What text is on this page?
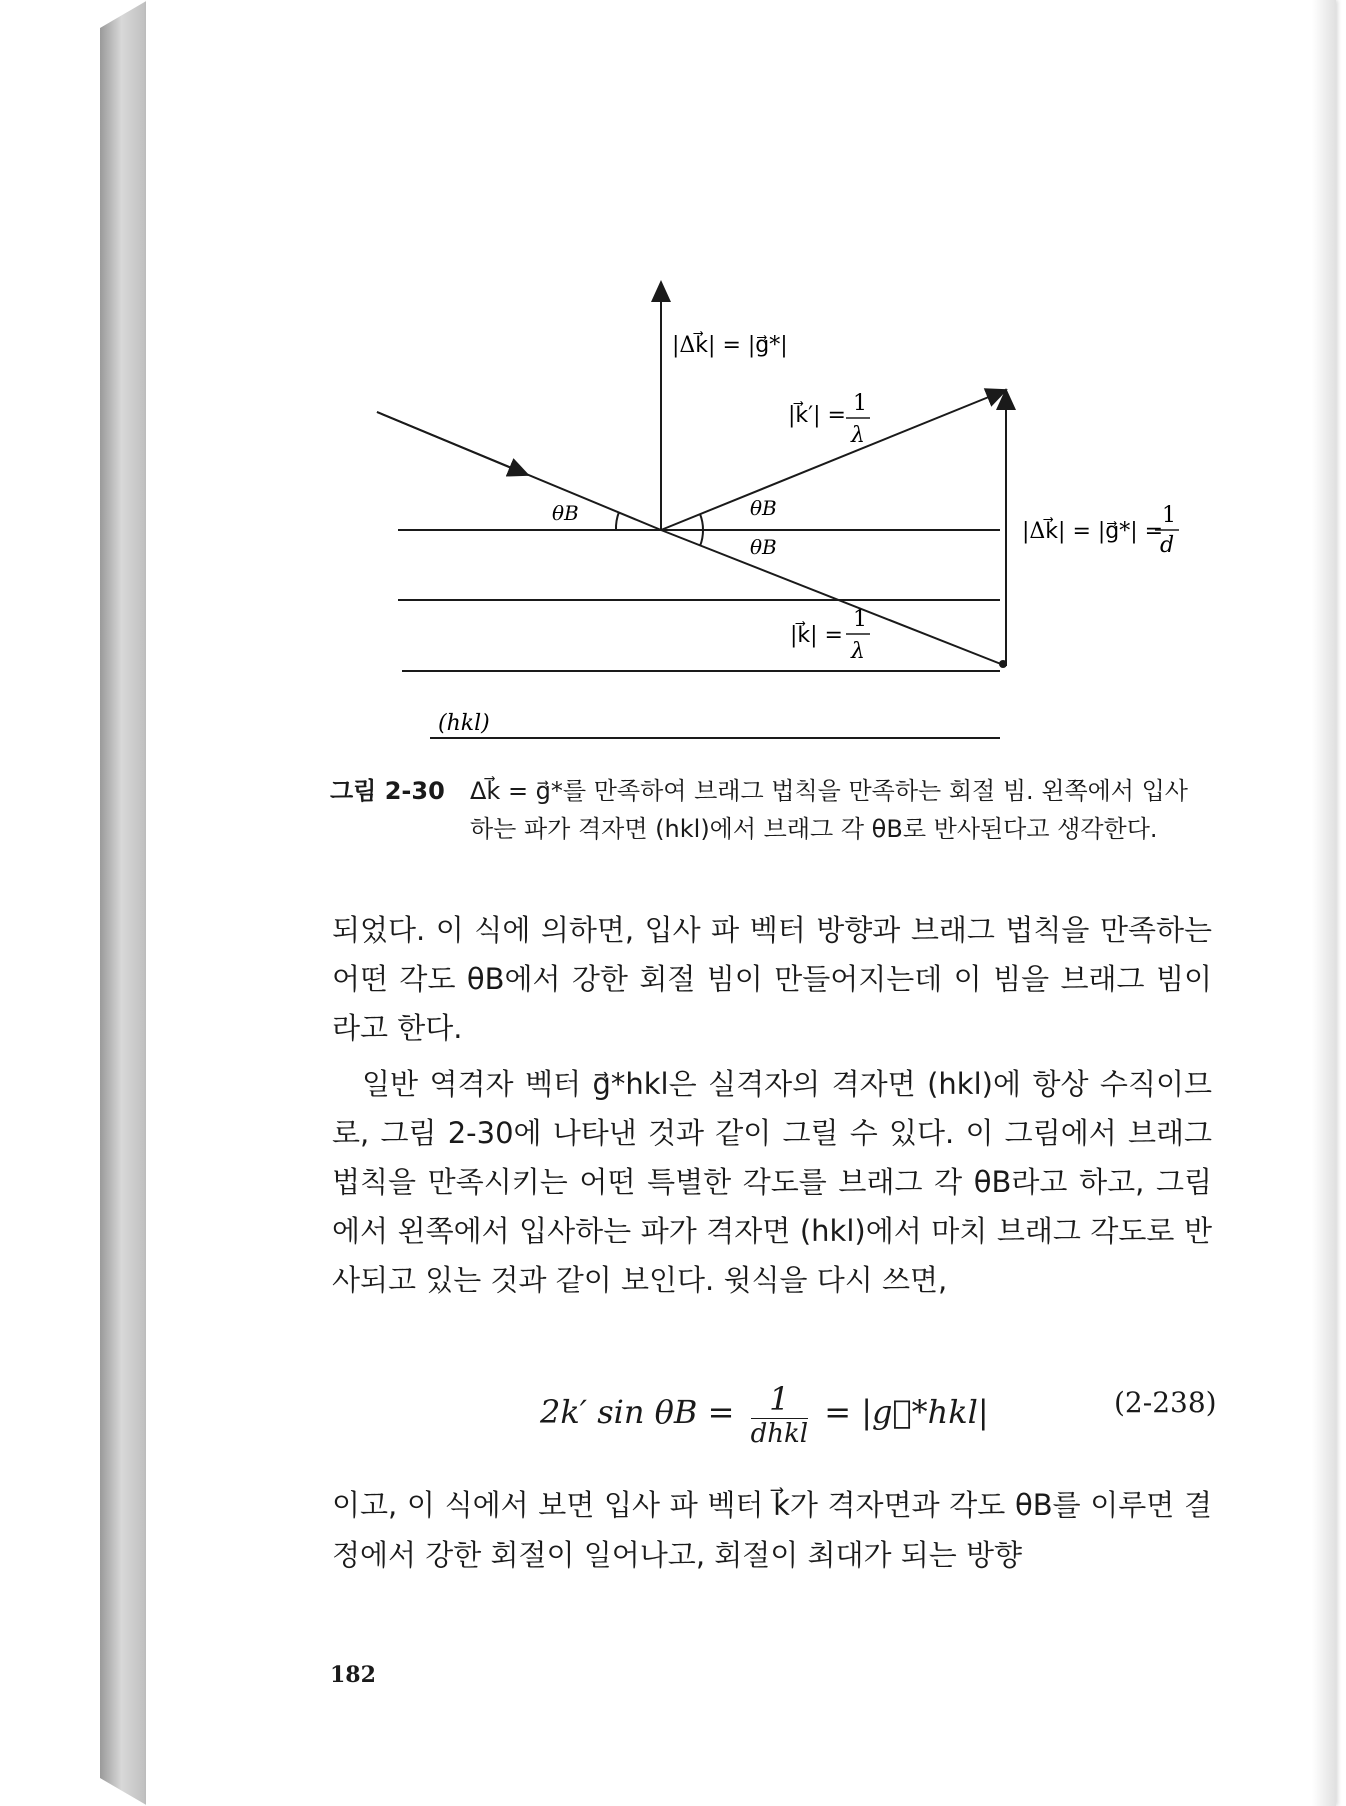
|Δk⃗| = |g⃗*|
|k⃗′| = 1
λ
θB	θB
θB
|Δk⃗| = |g⃗*| =
1
d
|k⃗| =
1
λ
(hkl)
그림 2-30 Δk⃗ = g⃗*를 만족하여 브래그 법칙을 만족하는 회절 빔. 왼쪽에서 입사하는 파가 격자면 (hkl)에서 브래그 각 θB로 반사된다고 생각한다.
되었다. 이 식에 의하면, 입사 파 벡터 방향과 브래그 법칙을 만족하는 어떤 각도 θB에서 강한 회절 빔이 만들어지는데 이 빔을 브래그 빔이라고 한다.
일반 역격자 벡터 g⃗*hkl은 실격자의 격자면 (hkl)에 항상 수직이므로, 그림 2-30에 나타낸 것과 같이 그릴 수 있다. 이 그림에서 브래그 법칙을 만족시키는 어떤 특별한 각도를 브래그 각 θB라고 하고, 그림에서 왼쪽에서 입사하는 파가 격자면 (hkl)에서 마치 브래그 각도로 반사되고 있는 것과 같이 보인다. 윗식을 다시 쓰면,
2k′ sin θB =	1
dhkl
= |g⃗*hkl|	(2-238)
이고, 이 식에서 보면 입사 파 벡터 k⃗가 격자면과 각도 θB를 이루면 결정에서 강한 회절이 일어나고, 회절이 최대가 되는 방향
182
